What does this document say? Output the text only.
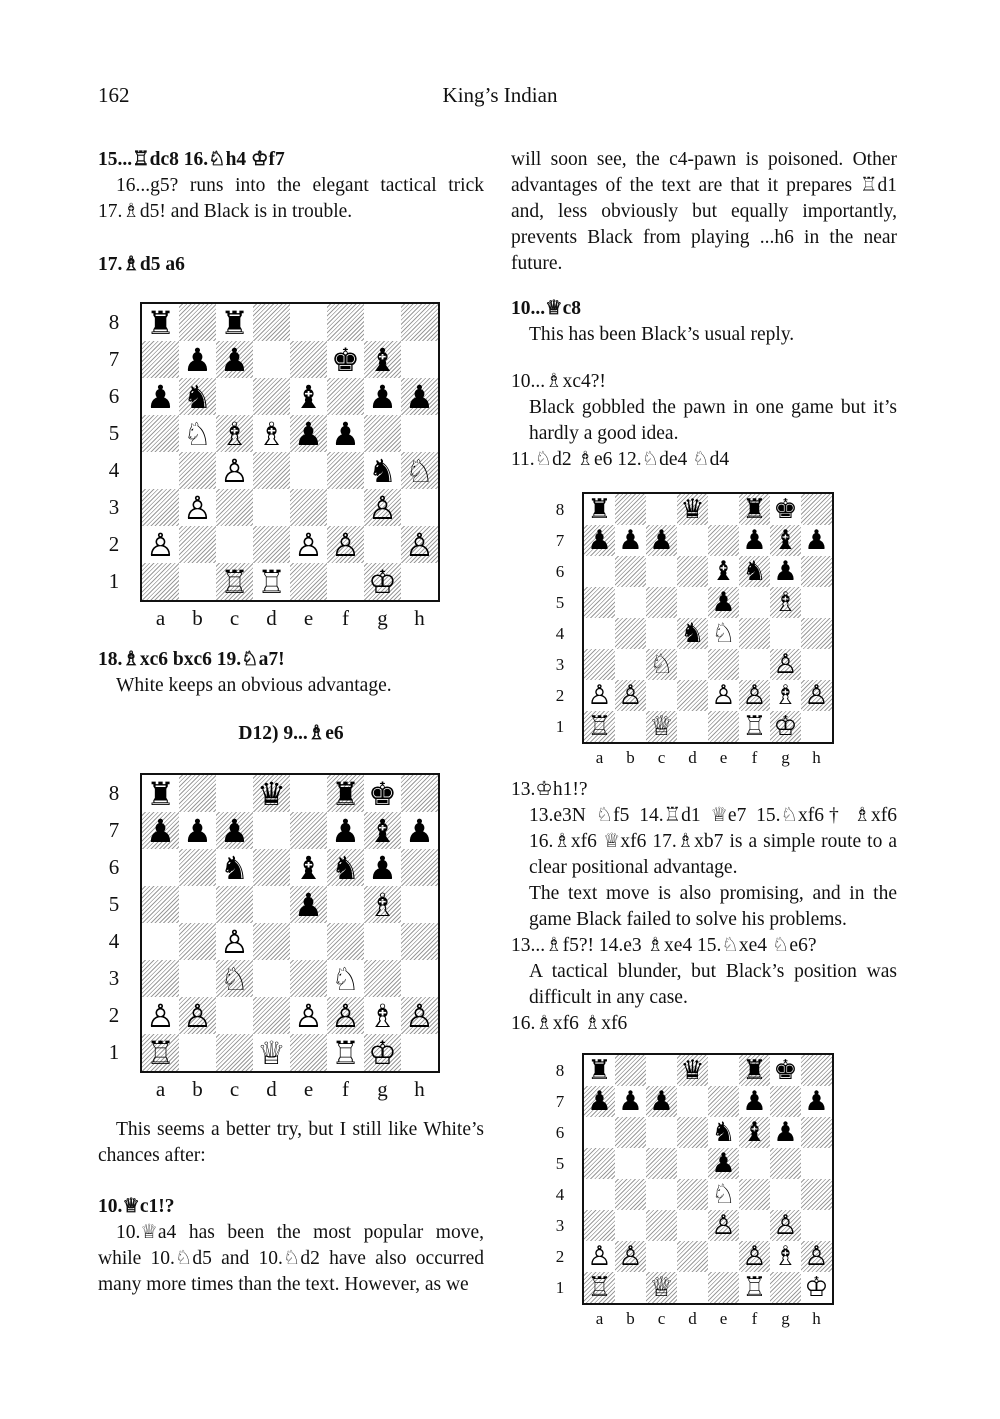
162	King’s Indian

15...♖dc8 16.♘h4 ♔f7

16...g5? runs into the elegant tactical trick 17.♗d5! and Black is in trouble.

17.♗d5 a6

♜ ♜
♟ ♟	♚ ♝
♟ ♞	♝ ♟ ♟
♘ ♗ ♗ ♟ ♟
♙	♞ ♘
♙	♙
♙	♙ ♙ ♙
♖ ♖	♔
8
7
6
5
4
3
2
1
a	b	c	d	e	f	g	h

18.♗xc6 bxc6 19.♘a7!

White keeps an obvious advantage.

D12) 9...♗e6

♜	♛ ♜ ♚
♟ ♟ ♟	♟ ♝ ♟
♞ ♝ ♞ ♟
♟ ♗
♙
♘	♘
♙ ♙	♙ ♙ ♗ ♙
♖	♕ ♖ ♔
8
7
6
5
4
3
2
1
a	b	c	d	e	f	g	h

This seems a better try, but I still like White’s chances after:

10.♕c1!?

10.♕a4 has been the most popular move, while 10.♘d5 and 10.♘d2 have also occurred many more times than the text. However, as we

will soon see, the c4-pawn is poisoned. Other advantages of the text are that it prepares ♖d1 and, less obviously but equally importantly, prevents Black from playing ...h6 in the near future.

10...♕c8

This has been Black’s usual reply.

10...♗xc4?!

Black gobbled the pawn in one game but it’s hardly a good idea.

11.♘d2 ♗e6 12.♘de4 ♘d4

♜	♛ ♜ ♚
♟ ♟ ♟	♟ ♝ ♟
♝ ♞ ♟
♟ ♗
♞ ♘
♘	♙
♙ ♙	♙ ♙ ♗ ♙
♖ ♕	♖ ♔
8
7
6
5
4
3
2
1
a	b	c	d	e	f	g	h

13.♔h1!?

13.e3N ♘f5 14.♖d1 ♕e7 15.♘xf6† ♗xf6 16.♗xf6 ♕xf6 17.♗xb7 is a simple route to a clear positional advantage.

The text move is also promising, and in the game Black failed to solve his problems.

13...♗f5?! 14.e3 ♗xe4 15.♘xe4 ♘e6?

A tactical blunder, but Black’s position was difficult in any case.

16.♗xf6 ♗xf6

♜	♛ ♜ ♚
♟ ♟ ♟	♟ ♟
♞ ♝ ♟
♟
♘
♙ ♙
♙ ♙	♙ ♗ ♙
♖ ♕	♖ ♔
8
7
6
5
4
3
2
1
a	b	c	d	e	f	g	h
